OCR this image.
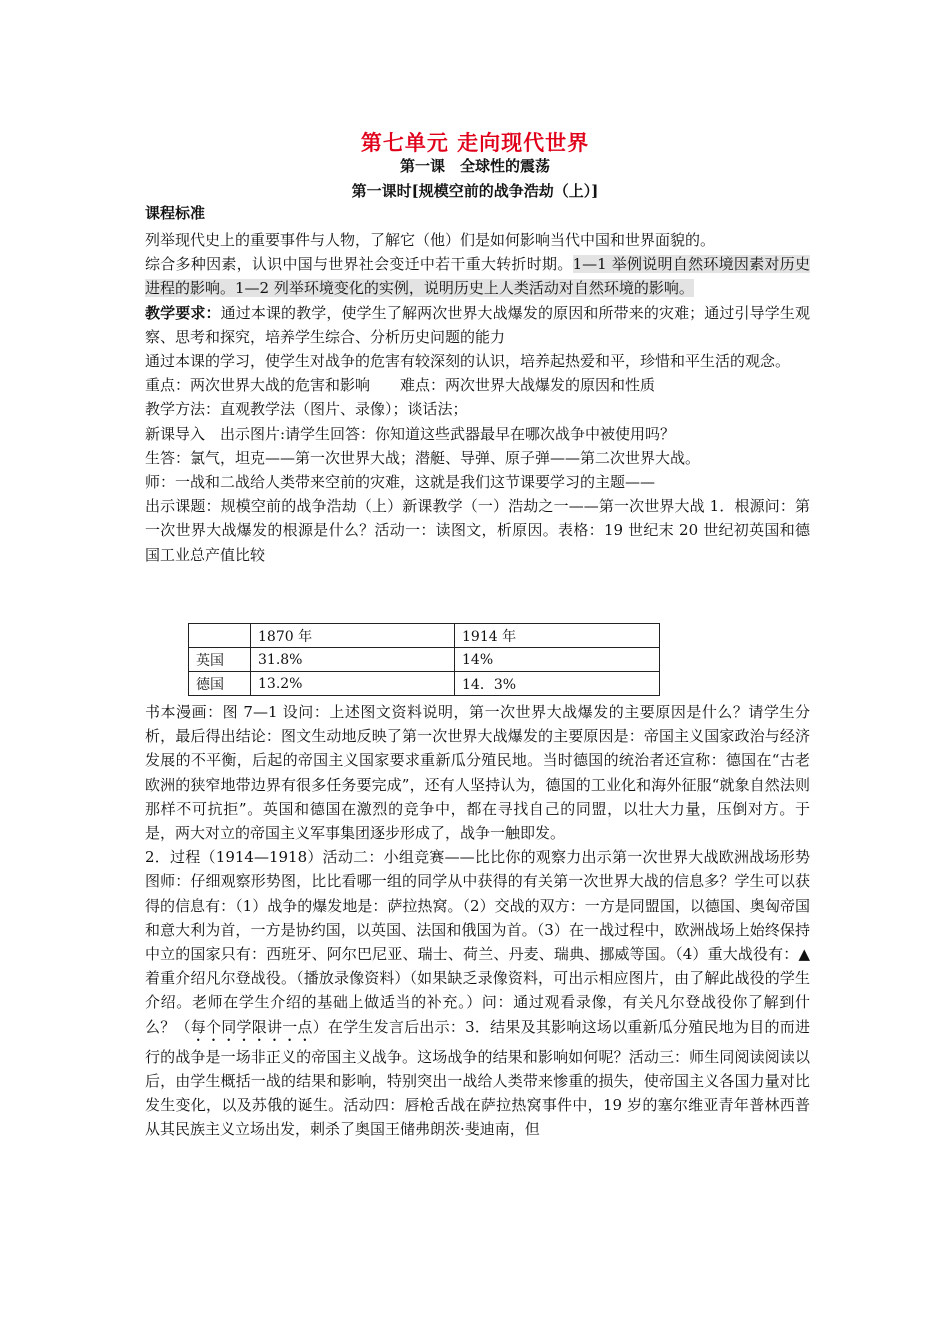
第七单元 走向现代世界
第一课　全球性的震荡
第一课时[规模空前的战争浩劫（上）]
课程标准

列举现代史上的重要事件与人物，了解它（他）们是如何影响当代中国和世界面貌的。

综合多种因素，认识中国与世界社会变迁中若干重大转折时期。1—1 举例说明自然环境因素对历史进程的影响。1—2 列举环境变化的实例，说明历史上人类活动对自然环境的影响。

教学要求：通过本课的教学，使学生了解两次世界大战爆发的原因和所带来的灾难；通过引导学生观察、思考和探究，培养学生综合、分析历史问题的能力

通过本课的学习，使学生对战争的危害有较深刻的认识，培养起热爱和平，珍惜和平生活的观念。

重点：两次世界大战的危害和影响　　难点：两次世界大战爆发的原因和性质

教学方法：直观教学法（图片、录像）；谈话法；

新课导入　出示图片:请学生回答：你知道这些武器最早在哪次战争中被使用吗？

生答：氯气，坦克——第一次世界大战；潜艇、导弹、原子弹——第二次世界大战。

师：一战和二战给人类带来空前的灾难，这就是我们这节课要学习的主题——

出示课题：规模空前的战争浩劫（上）新课教学（一）浩劫之一——第一次世界大战 1．根源问：第一次世界大战爆发的根源是什么？活动一：读图文，析原因。表格：19 世纪末 20 世纪初英国和德国工业总产值比较

	1870 年	1914 年
英国	31.8%	14%
德国	13.2%	14．3%

书本漫画：图 7—1 设问：上述图文资料说明，第一次世界大战爆发的主要原因是什么？请学生分析，最后得出结论：图文生动地反映了第一次世界大战爆发的主要原因是：帝国主义国家政治与经济发展的不平衡，后起的帝国主义国家要求重新瓜分殖民地。当时德国的统治者还宣称：德国在“古老欧洲的狭窄地带边界有很多任务要完成”，还有人坚持认为，德国的工业化和海外征服“就象自然法则那样不可抗拒”。英国和德国在激烈的竞争中，都在寻找自己的同盟，以壮大力量，压倒对方。于是，两大对立的帝国主义军事集团逐步形成了，战争一触即发。

2．过程（1914—1918）活动二：小组竞赛——比比你的观察力出示第一次世界大战欧洲战场形势图师：仔细观察形势图，比比看哪一组的同学从中获得的有关第一次世界大战的信息多？学生可以获得的信息有：（1）战争的爆发地是：萨拉热窝。（2）交战的双方：一方是同盟国，以德国、奥匈帝国和意大利为首，一方是协约国，以英国、法国和俄国为首。（3）在一战过程中，欧洲战场上始终保持中立的国家只有：西班牙、阿尔巴尼亚、瑞士、荷兰、丹麦、瑞典、挪威等国。（4）重大战役有：▲着重介绍凡尔登战役。（播放录像资料）（如果缺乏录像资料，可出示相应图片，由了解此战役的学生介绍。老师在学生介绍的基础上做适当的补充。）问：通过观看录像，有关凡尔登战役你了解到什么？（每个同学限讲一点）在学生发言后出示：3．结果及其影响这场以重新瓜分殖民地为目的而进行的战争是一场非正义的帝国主义战争。这场战争的结果和影响如何呢？活动三：师生同阅读阅读以后，由学生概括一战的结果和影响，特别突出一战给人类带来惨重的损失，使帝国主义各国力量对比发生变化，以及苏俄的诞生。活动四：唇枪舌战在萨拉热窝事件中，19 岁的塞尔维亚青年普林西普从其民族主义立场出发，刺杀了奥国王储弗朗茨·斐迪南，但
